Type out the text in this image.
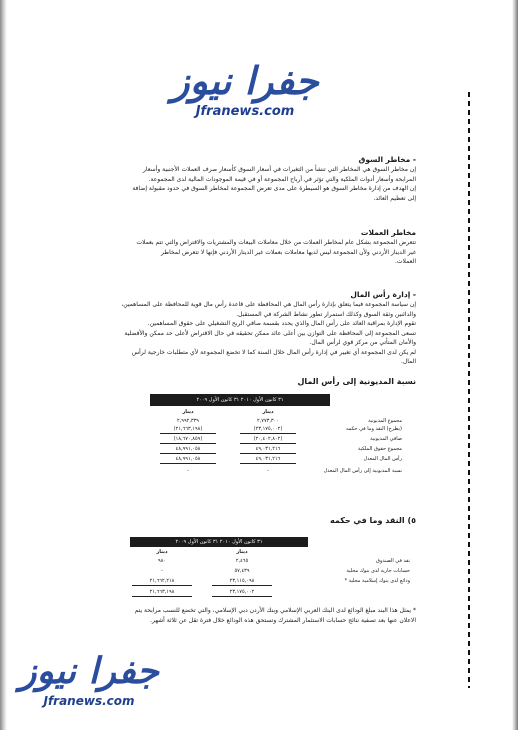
جفرا نيوز
Jfranews.com
- مخاطر السوق
إن مخاطر السوق هي المخاطر التي تنشأ من التغيرات في أسعار السوق كأسعار صرف العملات الأجنبية وأسعار
المرابحة وأسعار أدوات الملكية والتي تؤثر في أرباح المجموعة أو في قيمة الموجودات المالية لدى المجموعة.
إن الهدف من إدارة مخاطر السوق هو السيطرة على مدى تعرض المجموعة لمخاطر السوق في حدود مقبولة إضافة
إلى تعظيم العائد.
مخاطر العملات
تتعرض المجموعة بشكل عام لمخاطر العملات من خلال معاملات البيعات والمشتريات والاقتراض والتي تتم بعملات
غير الدينار الأردني ولأن المجموعة ليس لديها معاملات بعملات غير الدينار الأردني فإنها لا تتعرض لمخاطر
العملات.
- إدارة رأس المال
إن سياسة المجموعة فيما يتعلق بإدارة رأس المال هي المحافظة على قاعدة رأس مال قوية للمحافظة على المساهمين،
والدائنين وثقة السوق وكذلك استمرار تطور نشاط الشركة في المستقبل.
تقوم الإدارة بمراقبة العائد على رأس المال والذي يحدد بقسمة صافي الربح التشغيلي على حقوق المساهمين.
تسعى المجموعة إلى المحافظة على التوازن بين أعلى عائد ممكن تحقيقه في حال الاقتراض لأعلى حد ممكن والأفضلية
والأمان المتأتي من مركز قوي لرأس المال.
لم يكن لدى المجموعة أي تغيير في إدارة رأس المال خلال السنة كما لا تخضع المجموعة لأي متطلبات خارجية لرأس
المال.
نسبة المديونية إلى رأس المال
٣١ كانون الأول ٢٠١٠ ٣١ كانون الأول ٢٠٠٩
دينار
دينار
مجموع المديونية
٢,٧٧٣,٣٠٠
٢,٩٩٢,٣٣٩
(يطرح) النقد وما في حكمه
(٢٣,١٧٥,٠٠٢)
(٢١,٦٦٣,١٩٨)
صافي المديونية
(٢٠,٤٠٢,٨٠٢)
(١٨,٦٧٠,٨٥٩)
مجموع حقوق الملكية
٤٩,٠٣١,٢١٦
٤٨,٩٩١,٠٥٨
رأس المال المعدل
٤٩,٠٣١,٢١٦
٤٨,٩٩١,٠٥٨
نسبة المديونية إلى رأس المال المعدل
-
-
٥) النقد وما في حكمه
٣١ كانون الأول ٢٠١٠ ٣١ كانون الأول ٢٠٠٩
دينار
دينار
نقد في الصندوق
٢,٤٦٥
٩٨٠
حسابات جارية لدى بنوك محلية
٥٧,٤٣٩
-
ودائع لدى بنوك إسلامية محلية *
٢٣,١١٥,٠٩٨
٢١,٦٦٢,٢١٨
٢٣,١٧٥,٠٠٢
٢١,٦٦٣,١٩٨
* يمثل هذا البند مبلغ الودائع لدى البنك العربي الإسلامي وبنك الأردن دبي الإسلامي، والتي تخضع للنسب مرابحة يتم
الاعلان عنها بعد تصفية نتائج حسابات الاستثمار المشترك وتستحق هذه الودائع خلال فترة تقل عن ثلاثة أشهر.
جفرا نيوز
Jfranews.com
